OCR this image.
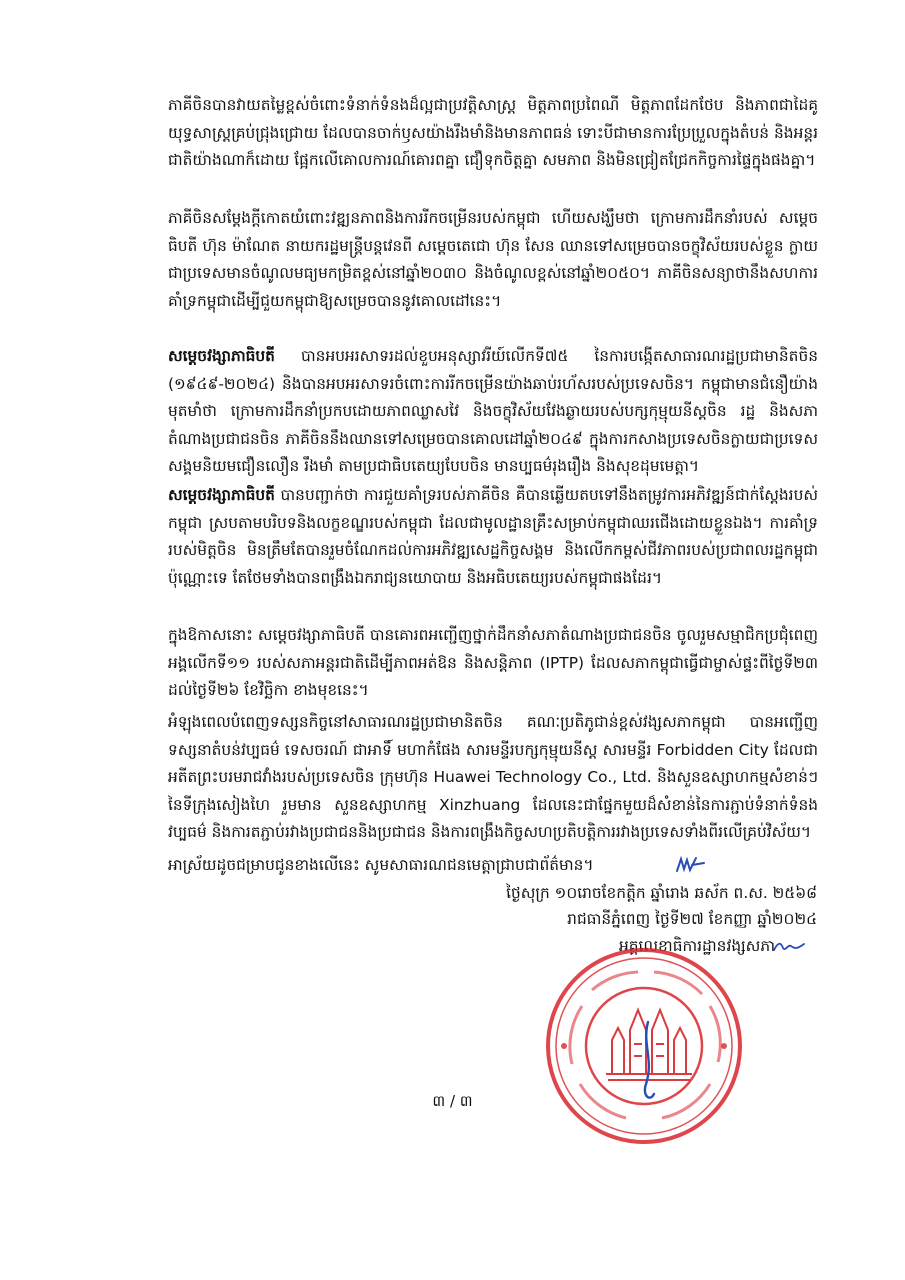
ភាគីចិនបានវាយតម្លៃខ្ពស់ចំពោះទំនាក់ទំនងដ៏ល្អជាប្រវត្តិសាស្ត្រ មិត្តភាពប្រពៃណី មិត្តភាពដែកថែប និងភាពជាដៃគូយុទ្ធសាស្ត្រគ្រប់ជ្រុងជ្រោយ ដែលបានចាក់ឫសយ៉ាងរឹងមាំនិងមានភាពធន់ ទោះបីជាមានការប្រែប្រួលក្នុងតំបន់ និងអន្តរជាតិយ៉ាងណាក៏ដោយ ផ្អែកលើគោលការណ៍គោរពគ្នា ជឿទុកចិត្តគ្នា សមភាព និងមិនជ្រៀតជ្រែកកិច្ចការផ្ទៃក្នុងផងគ្នា។

ភាគីចិនសម្តែងក្តីកោតយំពោះវឌ្ឍនភាពនិងការរីកចម្រើនរបស់កម្ពុជា ហើយសង្ឃឹមថា ក្រោមការដឹកនាំរបស់ សម្តេចធិបតី ហ៊ុន ម៉ាណែត នាយករដ្ឋមន្ត្រីបន្តវេនពី សម្តេចតេជោ ហ៊ុន សែន ឈានទៅសម្រេចបានចក្ខុវិស័យរបស់ខ្លួន ក្លាយជាប្រទេសមានចំណូលមធ្យមកម្រិតខ្ពស់នៅឆ្នាំ២០៣០ និងចំណូលខ្ពស់នៅឆ្នាំ២០៥០។ ភាគីចិនសន្យាថានឹងសហការគាំទ្រកម្ពុជាដើម្បីជួយកម្ពុជាឱ្យសម្រេចបាននូវគោលដៅនេះ។

សម្តេចវង្សាភាធិបតី បានអបអរសាទរដល់ខួបអនុស្សាវរីយ៍លើកទី៧៥ នៃការបង្កើតសាធារណរដ្ឋប្រជាមានិតចិន (១៩៤៩-២០២៤) និងបានអបអរសាទរចំពោះការរីកចម្រើនយ៉ាងឆាប់រហ័សរបស់ប្រទេសចិន។ កម្ពុជាមានជំនឿយ៉ាងមុតមាំថា ក្រោមការដឹកនាំប្រកបដោយភាពឈ្លាសវៃ និងចក្ខុវិស័យវែងឆ្ងាយរបស់បក្សកុម្មុយនីស្តចិន រដ្ឋ និងសភាតំណាងប្រជាជនចិន ភាគីចិននឹងឈានទៅសម្រេចបានគោលដៅឆ្នាំ២០៤៩ ក្នុងការកសាងប្រទេសចិនក្លាយជាប្រទេសសង្គមនិយមជឿនលឿន រឹងមាំ តាមប្រជាធិបតេយ្យបែបចិន មានប្បធម៌រុងរឿង និងសុខដុមមេត្តា។

សម្តេចវង្សាភាធិបតី បានបញ្ជាក់ថា ការជួយគាំទ្ររបស់ភាគីចិន គឺបានឆ្លើយតបទៅនឹងតម្រូវការអភិវឌ្ឍន៍ជាក់ស្តែងរបស់កម្ពុជា ស្របតាមបរិបទនិងលក្ខខណ្ឌរបស់កម្ពុជា ដែលជាមូលដ្ឋានគ្រឹះសម្រាប់កម្ពុជាឈរជើងដោយខ្លួនឯង។ ការគាំទ្ររបស់មិត្តចិន មិនត្រឹមតែបានរួមចំណែកដល់ការអភិវឌ្ឍសេដ្ឋកិច្ចសង្គម និងលើកកម្ពស់ជីវភាពរបស់ប្រជាពលរដ្ឋកម្ពុជាប៉ុណ្ណោះទេ តែថែមទាំងបានពង្រឹងឯករាជ្យនយោបាយ និងអធិបតេយ្យរបស់កម្ពុជាផងដែរ។

ក្នុងឱកាសនោះ សម្តេចវង្សាភាធិបតី បានគោរពអញ្ជើញថ្នាក់ដឹកនាំសភាតំណាងប្រជាជនចិន ចូលរួមសម្មាជិកប្រជុំពេញអង្គលើកទី១១ របស់សភាអន្តរជាតិដើម្បីភាពអត់ឱន និងសន្តិភាព (IPTP) ដែលសភាកម្ពុជាធ្វើជាម្ចាស់ផ្ទះពីថ្ងៃទី២៣ ដល់ថ្ងៃទី២៦ ខែវិច្ឆិកា ខាងមុខនេះ។

អំឡុងពេលបំពេញទស្សនកិច្ចនៅសាធារណរដ្ឋប្រជាមានិតចិន គណៈប្រតិភូជាន់ខ្ពស់វង្សសភាកម្ពុជា បានអញ្ជើញទស្សនាតំបន់វប្បធម៌ ទេសចរណ៍ ជាអាទិ៍ មហាកំផែង សារមន្ទីរបក្សកុម្មុយនីស្ត សារមន្ទីរ Forbidden City ដែលជាអតីតព្រះបរមរាជវាំងរបស់ប្រទេសចិន ក្រុមហ៊ុន Huawei Technology Co., Ltd. និងសួនឧស្សាហកម្មសំខាន់ៗនៃទីក្រុងសៀងហៃ រួមមាន សួនឧស្សាហកម្ម Xinzhuang ដែលនេះជាផ្នែកមួយដ៏សំខាន់នៃការភ្ជាប់ទំនាក់ទំនងវប្បធម៌ និងការតភ្ជាប់រវាងប្រជាជននិងប្រជាជន និងការពង្រឹងកិច្ចសហប្រតិបត្តិការរវាងប្រទេសទាំងពីរលើគ្រប់វិស័យ។

អាស្រ័យដូចជម្រាបជូនខាងលើនេះ សូមសាធារណជនមេត្តាជ្រាបជាព័ត៌មាន។

ថ្ងៃសុក្រ ១០រោចខែកត្តិក ឆ្នាំរោង ឆស័ក ព.ស. ២៥៦៨

រាជធានីភ្នំពេញ ថ្ងៃទី២៧ ខែកញ្ញា ឆ្នាំ២០២៤

អគ្គលេខាធិការដ្ឋានវង្សសភា

៣ / ៣
